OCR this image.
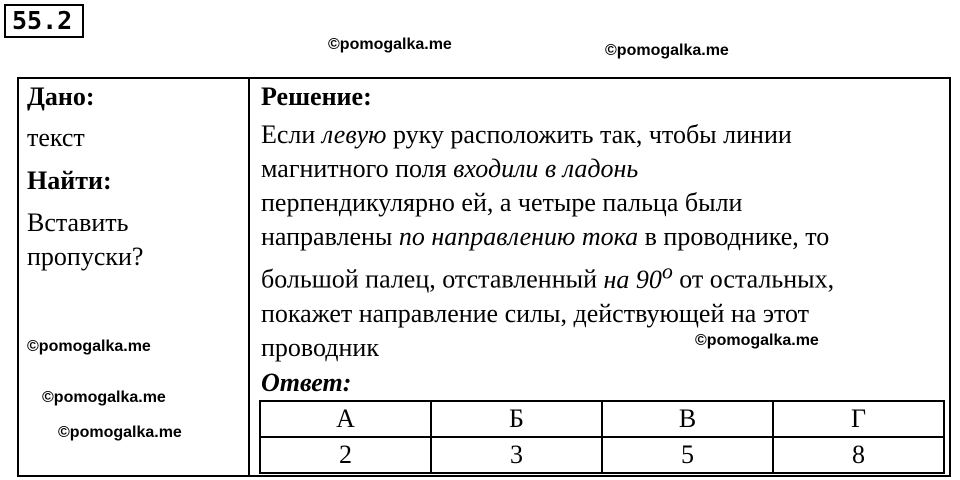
55.2
©pomogalka.me	©pomogalka.me
©pomogalka.me
©pomogalka.me
©pomogalka.me
©pomogalka.me
Дано:
текст
Найти:
Вставить
пропуски?
Решение:
Если левую руку расположить так, чтобы линии
магнитного поля входили в ладонь
перпендикулярно ей, а четыре пальца были
направлены по направлению тока в проводнике, то
большой палец, отставленный на 90$^o$ от остальных,
покажет направление силы, действующей на этот
проводник
Ответ:
А	Б	В	Г
2	3	5	8
